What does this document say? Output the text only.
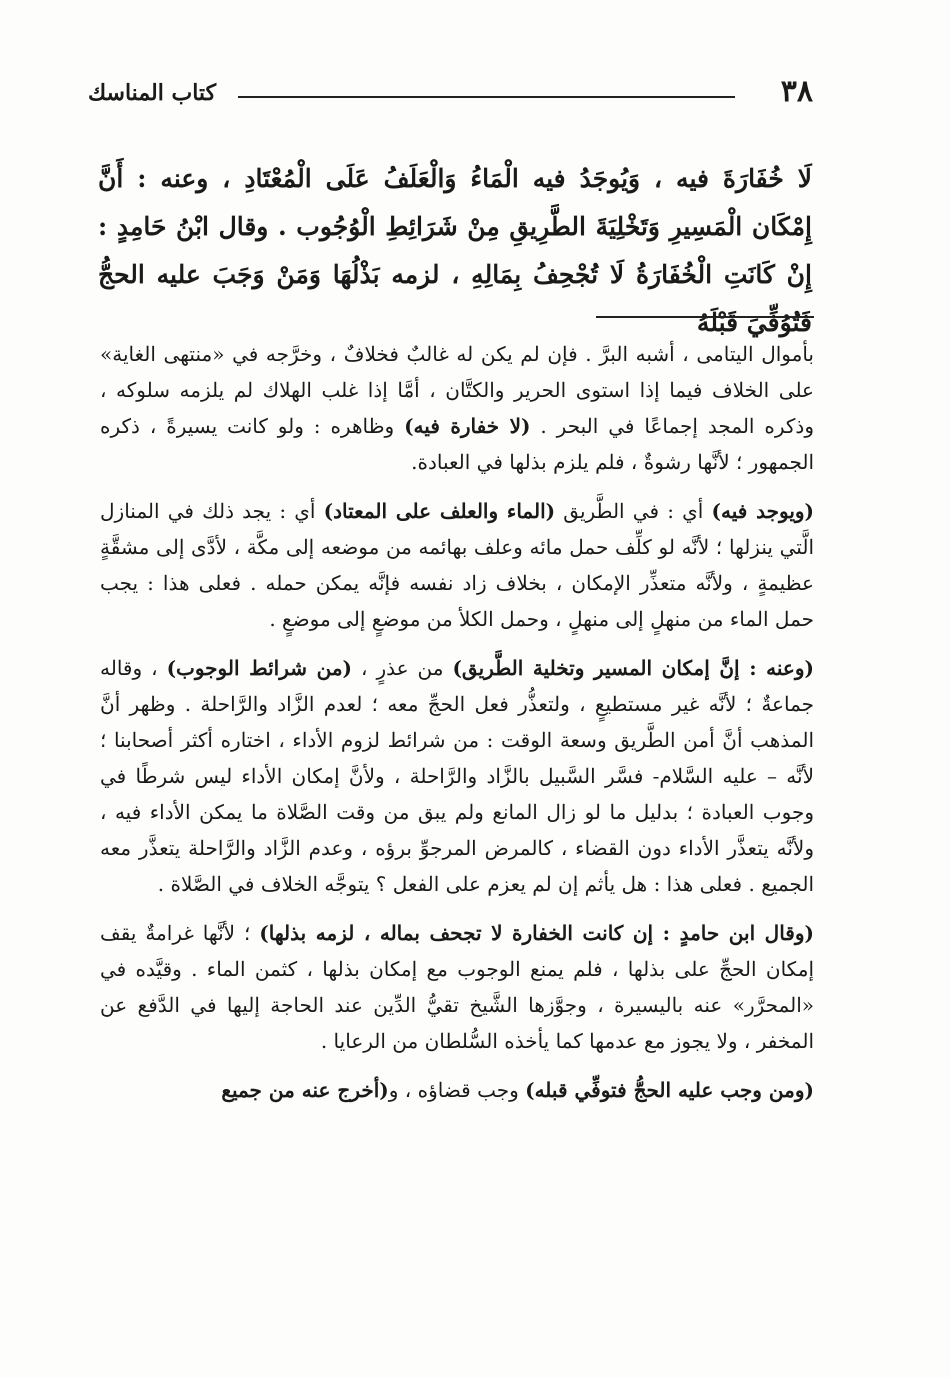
٣٨
كتاب المناسك

لَا خُفَارَةَ فيه ، وَيُوجَدُ فيه الْمَاءُ وَالْعَلَفُ عَلَى الْمُعْتَادِ ، وعنه : أَنَّ إِمْكَان الْمَسِيرِ وَتَخْلِيَةَ الطَّرِيقِ مِنْ شَرَائِطِ الْوُجُوب . وقال ابْنُ حَامِدٍ : إِنْ كَانَتِ الْخُفَارَةُ لَا تُجْحِفُ بِمَالِهِ ، لزمه بَذْلُهَا وَمَنْ وَجَبَ عليه الحجُّ فَتُوُفِّيَ قَبْلَهُ

بأموال اليتامى ، أشبه البرَّ . فإن لم يكن له غالبٌ فخلافٌ ، وخرَّجه في «منتهى الغاية» على الخلاف فيما إذا استوى الحرير والكتَّان ، أمَّا إذا غلب الهلاك لم يلزمه سلوكه ، وذكره المجد إجماعًا في البحر . (لا خفارة فيه) وظاهره : ولو كانت يسيرةً ، ذكره الجمهور ؛ لأنَّها رشوةٌ ، فلم يلزم بذلها في العبادة.

(ويوجد فيه) أي : في الطَّريق (الماء والعلف على المعتاد) أي : يجد ذلك في المنازل الَّتي ينزلها ؛ لأنَّه لو كلِّف حمل مائه وعلف بهائمه من موضعه إلى مكَّة ، لأدَّى إلى مشقَّةٍ عظيمةٍ ، ولأنَّه متعذِّر الإمكان ، بخلاف زاد نفسه فإنَّه يمكن حمله . فعلى هذا : يجب حمل الماء من منهلٍ إلى منهلٍ ، وحمل الكلأ من موضعٍ إلى موضعٍ .

(وعنه : إنَّ إمكان المسير وتخلية الطَّريق) من عذرٍ ، (من شرائط الوجوب) ، وقاله جماعةٌ ؛ لأنَّه غير مستطيعٍ ، ولتعذُّر فعل الحجِّ معه ؛ لعدم الزَّاد والرَّاحلة . وظهر أنَّ المذهب أنَّ أمن الطَّريق وسعة الوقت : من شرائط لزوم الأداء ، اختاره أكثر أصحابنا ؛ لأنَّه – عليه السَّلام- فسَّر السَّبيل بالزَّاد والرَّاحلة ، ولأنَّ إمكان الأداء ليس شرطًا في وجوب العبادة ؛ بدليل ما لو زال المانع ولم يبق من وقت الصَّلاة ما يمكن الأداء فيه ، ولأنَّه يتعذَّر الأداء دون القضاء ، كالمرض المرجوِّ برؤه ، وعدم الزَّاد والرَّاحلة يتعذَّر معه الجميع . فعلى هذا : هل يأثم إن لم يعزم على الفعل ؟ يتوجَّه الخلاف في الصَّلاة .

(وقال ابن حامدٍ : إن كانت الخفارة لا تجحف بماله ، لزمه بذلها) ؛ لأنَّها غرامةٌ يقف إمكان الحجِّ على بذلها ، فلم يمنع الوجوب مع إمكان بذلها ، كثمن الماء . وقيَّده في «المحرَّر» عنه باليسيرة ، وجوَّزها الشَّيخ تقيُّ الدِّين عند الحاجة إليها في الدَّفع عن المخفر ، ولا يجوز مع عدمها كما يأخذه السُّلطان من الرعايا .

(ومن وجب عليه الحجُّ فتوفِّي قبله) وجب قضاؤه ، و(أخرج عنه من جميع
